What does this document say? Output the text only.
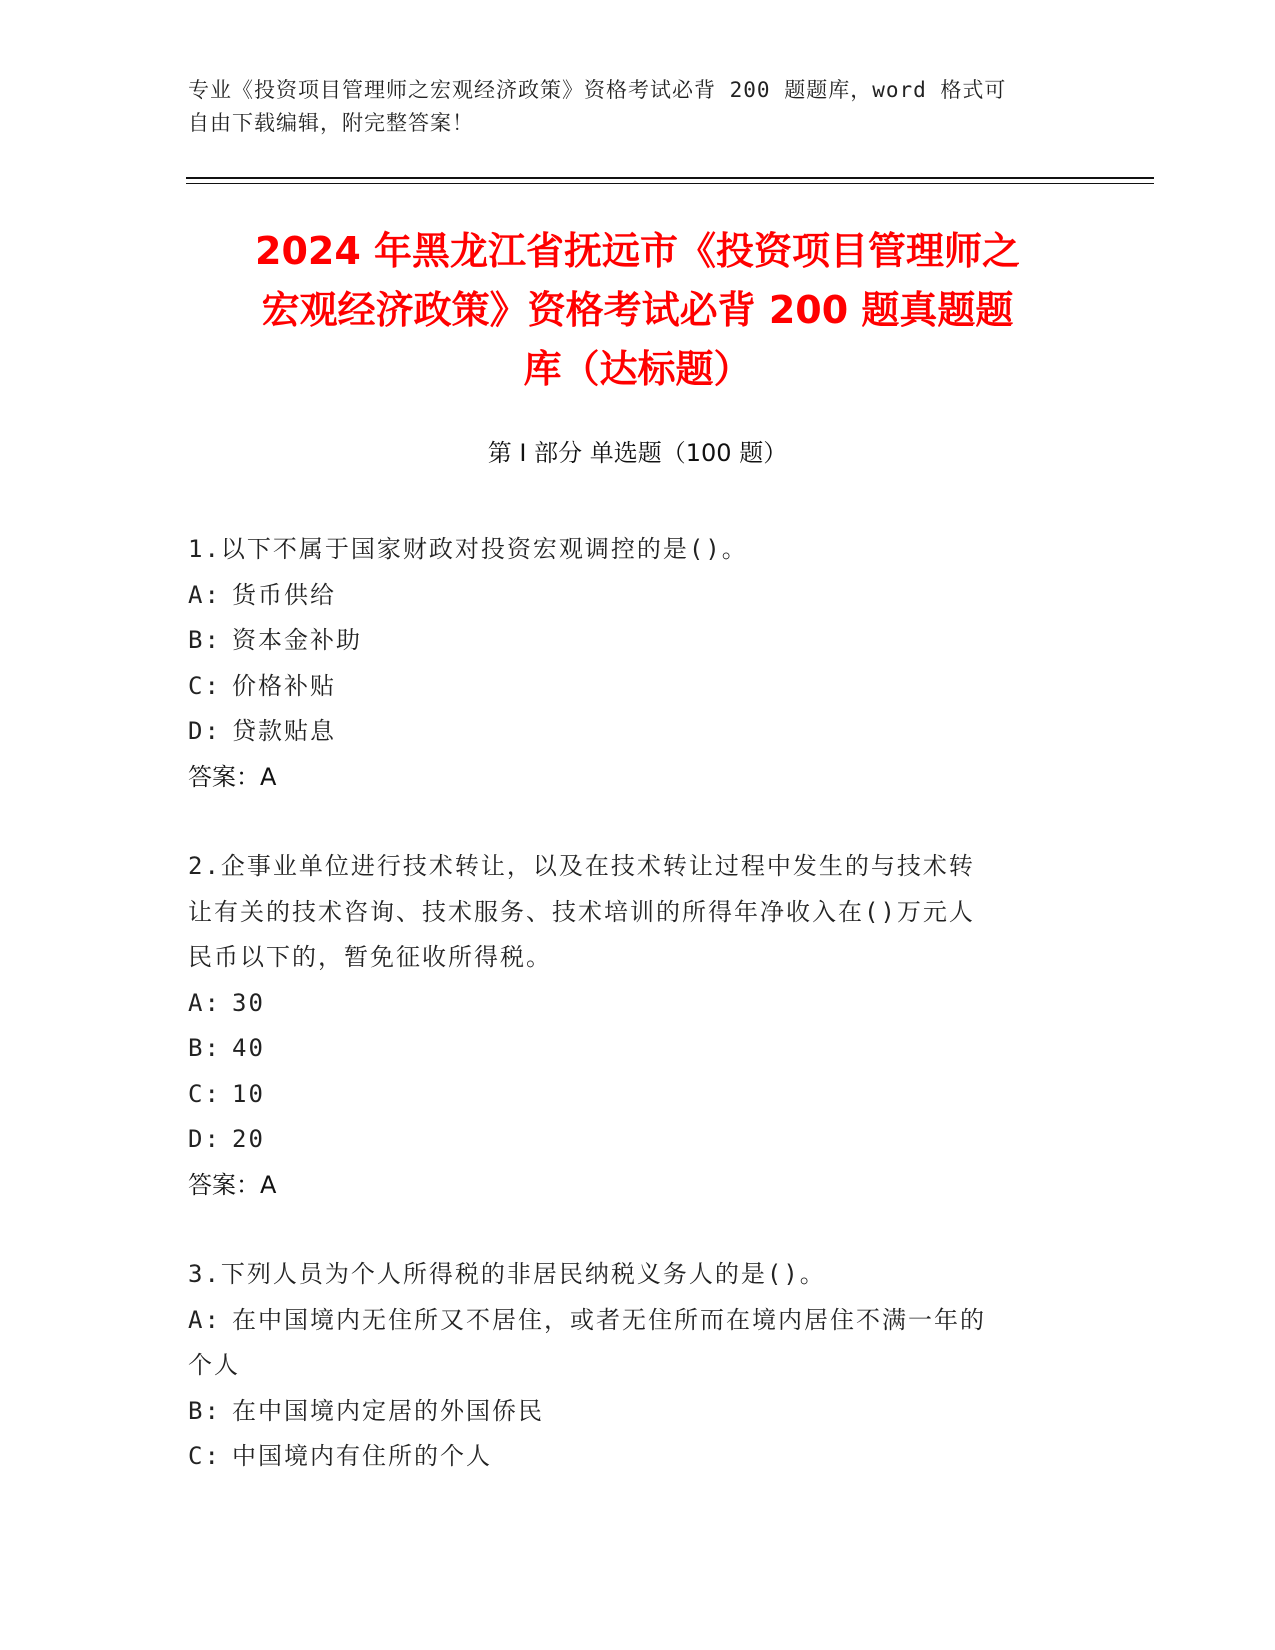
专业《投资项目管理师之宏观经济政策》资格考试必背 200 题题库，word 格式可
自由下载编辑，附完整答案！
2024 年黑龙江省抚远市《投资项目管理师之
宏观经济政策》资格考试必背 200 题真题题
库（达标题）
第 I 部分 单选题（100 题）
1.以下不属于国家财政对投资宏观调控的是()。
A: 货币供给
B: 资本金补助
C: 价格补贴
D: 贷款贴息
答案：A
2.企事业单位进行技术转让，以及在技术转让过程中发生的与技术转
让有关的技术咨询、技术服务、技术培训的所得年净收入在()万元人
民币以下的，暂免征收所得税。
A: 30
B: 40
C: 10
D: 20
答案：A
3.下列人员为个人所得税的非居民纳税义务人的是()。
A: 在中国境内无住所又不居住，或者无住所而在境内居住不满一年的
个人
B: 在中国境内定居的外国侨民
C: 中国境内有住所的个人
